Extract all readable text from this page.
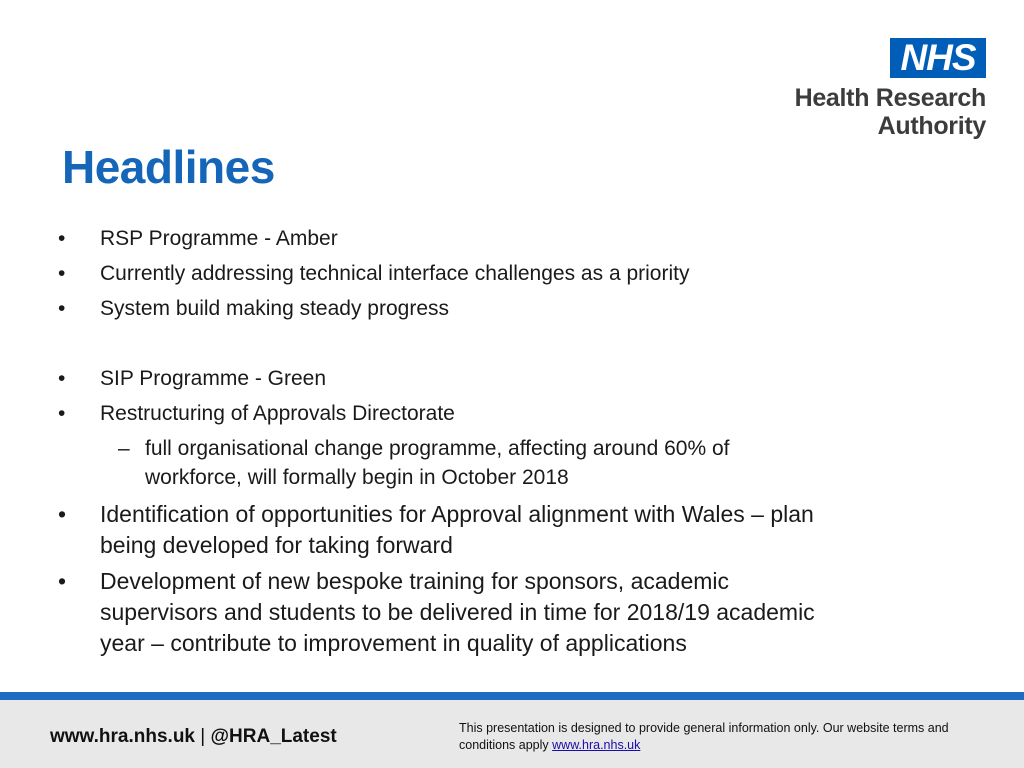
NHS
Health Research
Authority
Headlines
• RSP Programme - Amber
• Currently addressing technical interface challenges as a priority
• System build making steady progress
• SIP Programme - Green
• Restructuring of Approvals Directorate
– full organisational change programme, affecting around 60% of
workforce, will formally begin in October 2018
• Identification of opportunities for Approval alignment with Wales – plan
being developed for taking forward
• Development of new bespoke training for sponsors, academic
supervisors and students to be delivered in time for 2018/19 academic
year – contribute to improvement in quality of applications
www.hra.nhs.uk | @HRA_Latest	This presentation is designed to provide general information only. Our website terms and conditions apply www.hra.nhs.uk
